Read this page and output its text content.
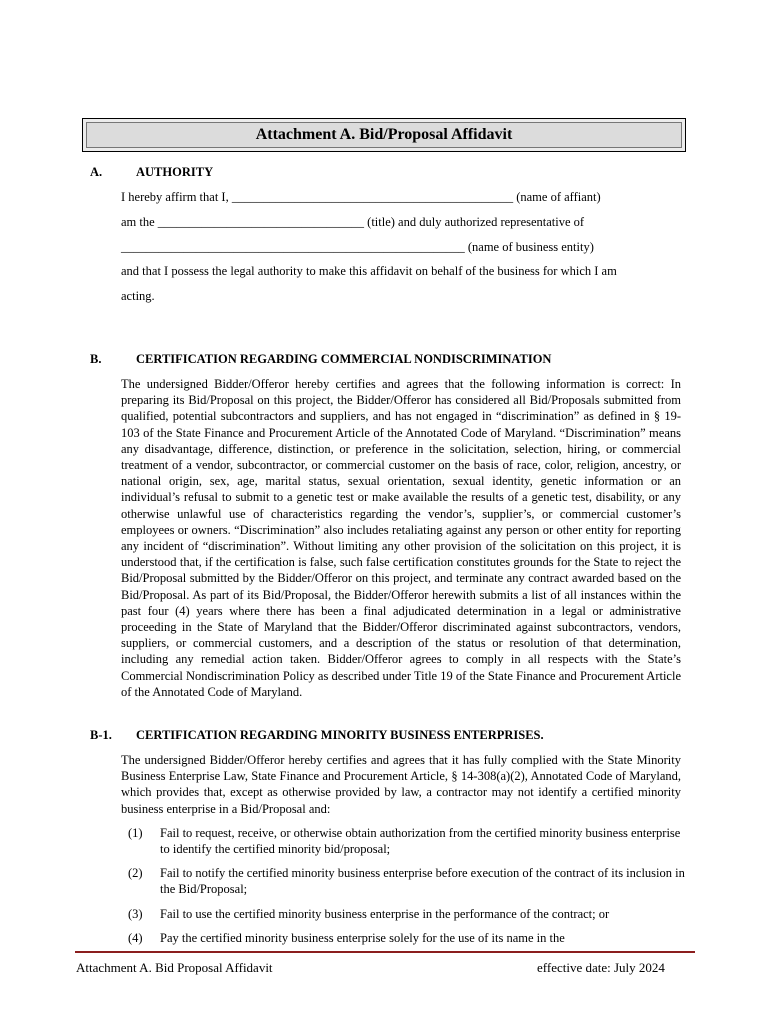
Attachment A. Bid/Proposal Affidavit
A.	AUTHORITY
I hereby affirm that I, _____________________________________________ (name of affiant)
am the _________________________________ (title) and duly authorized representative of
_______________________________________________________ (name of business entity)
and that I possess the legal authority to make this affidavit on behalf of the business for which I am
acting.
B.	CERTIFICATION REGARDING COMMERCIAL NONDISCRIMINATION

The undersigned Bidder/Offeror hereby certifies and agrees that the following information is correct: In preparing its Bid/Proposal on this project, the Bidder/Offeror has considered all Bid/Proposals submitted from qualified, potential subcontractors and suppliers, and has not engaged in “discrimination” as defined in § 19-103 of the State Finance and Procurement Article of the Annotated Code of Maryland. “Discrimination” means any disadvantage, difference, distinction, or preference in the solicitation, selection, hiring, or commercial treatment of a vendor, subcontractor, or commercial customer on the basis of race, color, religion, ancestry, or national origin, sex, age, marital status, sexual orientation, sexual identity, genetic information or an individual’s refusal to submit to a genetic test or make available the results of a genetic test, disability, or any otherwise unlawful use of characteristics regarding the vendor’s, supplier’s, or commercial customer’s employees or owners. “Discrimination” also includes retaliating against any person or other entity for reporting any incident of “discrimination”. Without limiting any other provision of the solicitation on this project, it is understood that, if the certification is false, such false certification constitutes grounds for the State to reject the Bid/Proposal submitted by the Bidder/Offeror on this project, and terminate any contract awarded based on the Bid/Proposal. As part of its Bid/Proposal, the Bidder/Offeror herewith submits a list of all instances within the past four (4) years where there has been a final adjudicated determination in a legal or administrative proceeding in the State of Maryland that the Bidder/Offeror discriminated against subcontractors, vendors, suppliers, or commercial customers, and a description of the status or resolution of that determination, including any remedial action taken. Bidder/Offeror agrees to comply in all respects with the State’s Commercial Nondiscrimination Policy as described under Title 19 of the State Finance and Procurement Article of the Annotated Code of Maryland.

B-1. CERTIFICATION REGARDING MINORITY BUSINESS ENTERPRISES.

The undersigned Bidder/Offeror hereby certifies and agrees that it has fully complied with the State Minority Business Enterprise Law, State Finance and Procurement Article, § 14-308(a)(2), Annotated Code of Maryland, which provides that, except as otherwise provided by law, a contractor may not identify a certified minority business enterprise in a Bid/Proposal and:

(1) Fail to request, receive, or otherwise obtain authorization from the certified minority business enterprise to identify the certified minority bid/proposal;
(2) Fail to notify the certified minority business enterprise before execution of the contract of its inclusion in the Bid/Proposal;
(3) Fail to use the certified minority business enterprise in the performance of the contract; or
(4) Pay the certified minority business enterprise solely for the use of its name in the
Attachment A. Bid Proposal Affidavit	effective date: July 2024
